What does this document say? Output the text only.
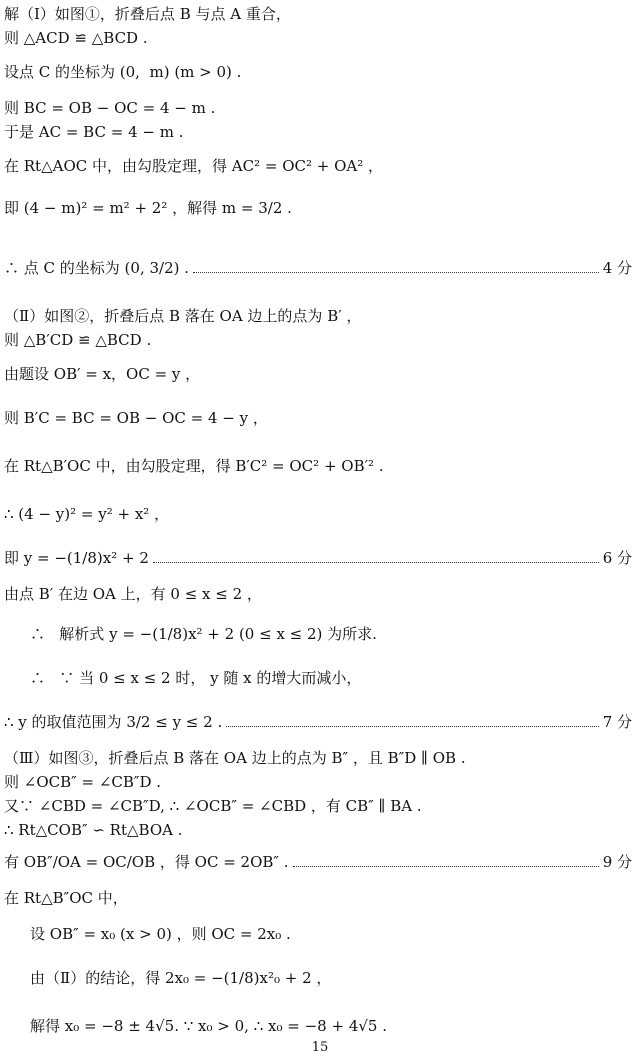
解（Ⅰ）如图①，折叠后点 B 与点 A 重合，
则 △ACD ≌ △BCD .
设点 C 的坐标为 (0,  m) (m > 0) .
则 BC = OB − OC = 4 − m .
于是 AC = BC = 4 − m .
在 Rt△AOC 中，由勾股定理，得 AC² = OC² + OA² ，
即 (4 − m)² = m² + 2² ，解得 m = 3/2 .
∴ 点 C 的坐标为 (0, 3/2) .	4 分
（Ⅱ）如图②，折叠后点 B 落在 OA 边上的点为 B′ ，
则 △B′CD ≌ △BCD .
由题设 OB′ = x，OC = y ，
则 B′C = BC = OB − OC = 4 − y ，
在 Rt△B′OC 中，由勾股定理，得 B′C² = OC² + OB′² .
∴ (4 − y)² = y² + x² ，
即 y = −(1/8)x² + 2	6 分
由点 B′ 在边 OA 上，有 0 ≤ x ≤ 2 ，
∴   解析式 y = −(1/8)x² + 2 (0 ≤ x ≤ 2) 为所求.
∴   ∵ 当 0 ≤ x ≤ 2 时， y 随 x 的增大而减小，
∴ y 的取值范围为 3/2 ≤ y ≤ 2 .	7 分
（Ⅲ）如图③，折叠后点 B 落在 OA 边上的点为 B″ ，且 B″D ∥ OB .
则 ∠OCB″ = ∠CB″D .
又∵ ∠CBD = ∠CB″D, ∴ ∠OCB″ = ∠CBD ，有 CB″ ∥ BA .
∴ Rt△COB″ ∽ Rt△BOA .
有 OB″/OA = OC/OB ，得 OC = 2OB″ .	9 分
在 Rt△B″OC 中，
设 OB″ = x₀ (x > 0) ，则 OC = 2x₀ .
由（Ⅱ）的结论，得 2x₀ = −(1/8)x²₀ + 2 ，
解得 x₀ = −8 ± 4√5. ∵ x₀ > 0, ∴ x₀ = −8 + 4√5 .
15
